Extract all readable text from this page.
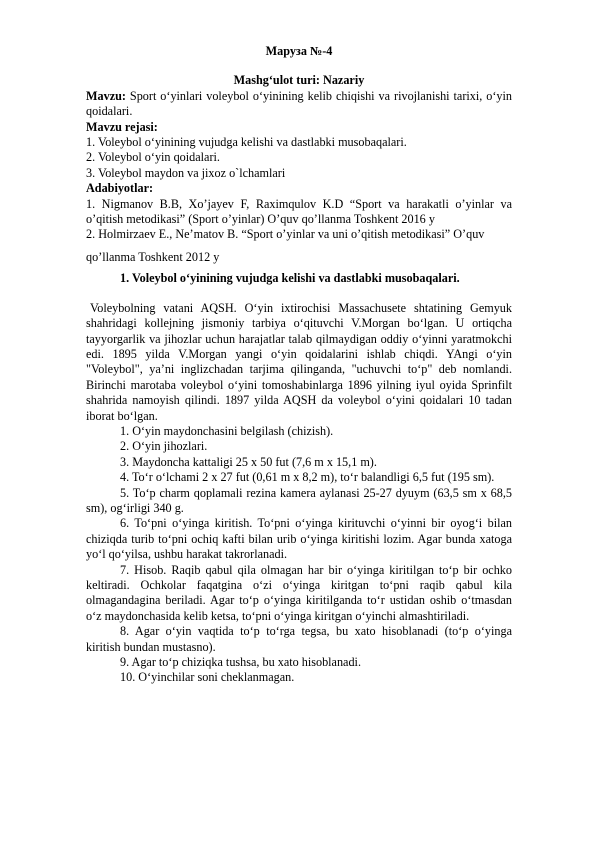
Маруза №-4

Mashg‘ulot turi: Nazariy

Mavzu: Sport o‘yinlari voleybol o‘yinining kelib chiqishi va rivojlanishi tarixi, o‘yin qoidalari.

Mavzu rejasi:

1. Voleybol o‘yinining vujudga kelishi va dastlabki musobaqalari.

2. Voleybol o‘yin qoidalari.

3. Voleybol maydon va jixoz o`lchamlari

Adabiyotlar:

1. Nigmanov B.B, Xo’jayev F, Raximqulov K.D “Sport va harakatli o’yinlar va o’qitish metodikasi” (Sport o’yinlar) O’quv qo’llanma Toshkent 2016 y

2. Holmirzaev E., Ne’matov B. “Sport o’yinlar va uni o’qitish metodikasi” O’quv

qo’llanma Toshkent 2012 y

1. Voleybol o‘yinining vujudga kelishi va dastlabki musobaqalari.

Voleybolning vatani AQSH. O‘yin ixtirochisi Massachusete shtatining Gemyuk shahridagi kollejning jismoniy tarbiya o‘qituvchi V.Morgan bo‘lgan. U ortiqcha tayyorgarlik va jihozlar uchun harajatlar talab qilmaydigan oddiy o‘yinni yaratmokchi edi. 1895 yilda V.Morgan yangi o‘yin qoidalarini ishlab chiqdi. YAngi o‘yin "Voleybol", ya’ni inglizchadan tarjima qilinganda, "uchuvchi to‘p" deb nomlandi. Birinchi marotaba voleybol o‘yini tomoshabinlarga 1896 yilning iyul oyida Sprinfilt shahrida namoyish qilindi. 1897 yilda AQSH da voleybol o‘yini qoidalari 10 tadan iborat bo‘lgan.

1. O‘yin maydonchasini belgilash (chizish).

2. O‘yin jihozlari.

3. Maydoncha kattaligi 25 x 50 fut (7,6 m x 15,1 m).

4. To‘r o‘lchami 2 x 27 fut (0,61 m x 8,2 m), to‘r balandligi 6,5 fut (195 sm).

5. To‘p charm qoplamali rezina kamera aylanasi 25-27 dyuym (63,5 sm x 68,5 sm), og‘irligi 340 g.

6. To‘pni o‘yinga kiritish. To‘pni o‘yinga kirituvchi o‘yinni bir oyog‘i bilan chiziqda turib to‘pni ochiq kafti bilan urib o‘yinga kiritishi lozim. Agar bunda xatoga yo‘l qo‘yilsa, ushbu harakat takrorlanadi.

7. Hisob. Raqib qabul qila olmagan har bir o‘yinga kiritilgan to‘p bir ochko keltiradi. Ochkolar faqatgina o‘zi o‘yinga kiritgan to‘pni raqib qabul kila olmagandagina beriladi. Agar to‘p o‘yinga kiritilganda to‘r ustidan oshib o‘tmasdan o‘z maydonchasida kelib ketsa, to‘pni o‘yinga kiritgan o‘yinchi almashtiriladi.

8. Agar o‘yin vaqtida to‘p to‘rga tegsa, bu xato hisoblanadi (to‘p o‘yinga kiritish bundan mustasno).

9. Agar to‘p chiziqka tushsa, bu xato hisoblanadi.

10. O‘yinchilar soni cheklanmagan.
